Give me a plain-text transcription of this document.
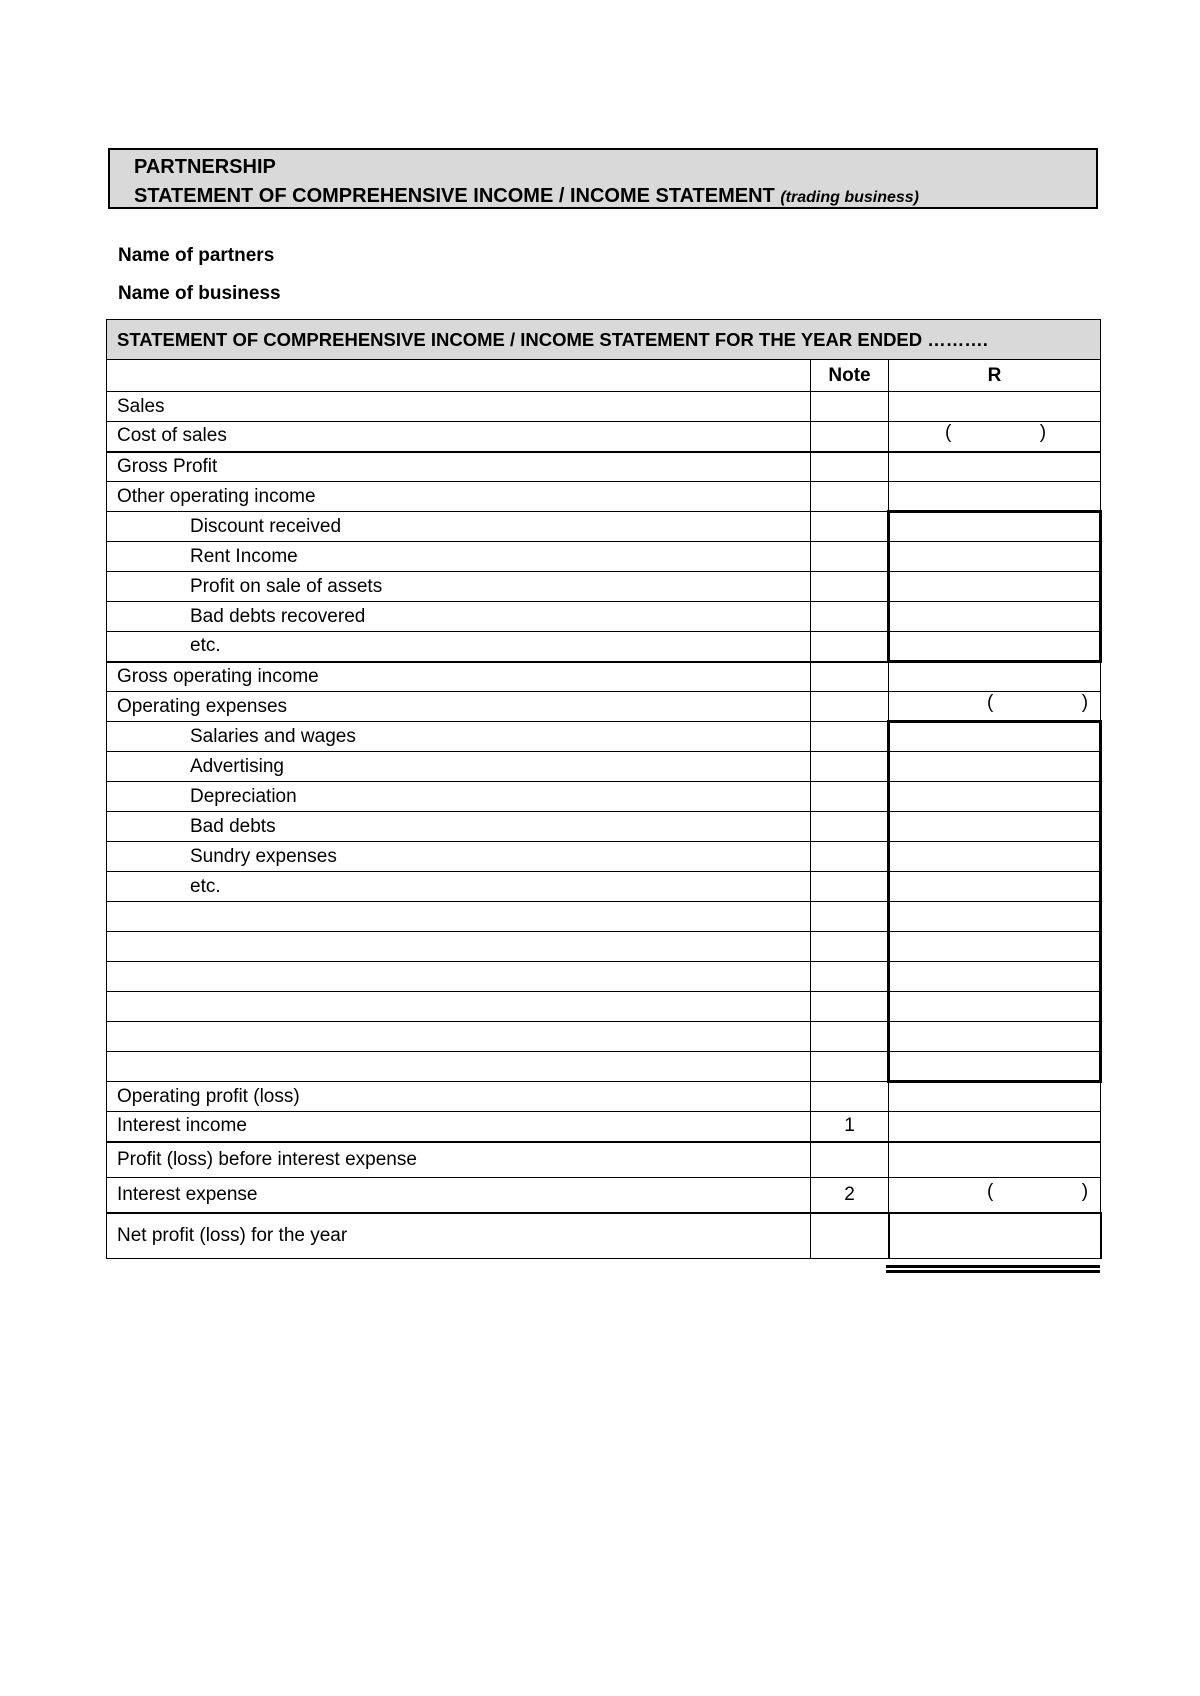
PARTNERSHIP
STATEMENT OF COMPREHENSIVE INCOME / INCOME STATEMENT (trading business)
Name of partners
Name of business
STATEMENT OF COMPREHENSIVE INCOME / INCOME STATEMENT FOR THE YEAR ENDED ……….		
	Note	R
Sales		
Cost of sales		( )

Gross Profit		
Other operating income		
Discount received		
Rent Income		
Profit on sale of assets		
Bad debts recovered		
etc.		
Gross operating income		
Operating expenses		( )

Salaries and wages		
Advertising		
Depreciation		
Bad debts		
Sundry expenses		
etc.		

Operating profit (loss)		
Interest income	1	
Profit (loss) before interest expense		
Interest expense	2	( )

Net profit (loss) for the year		
